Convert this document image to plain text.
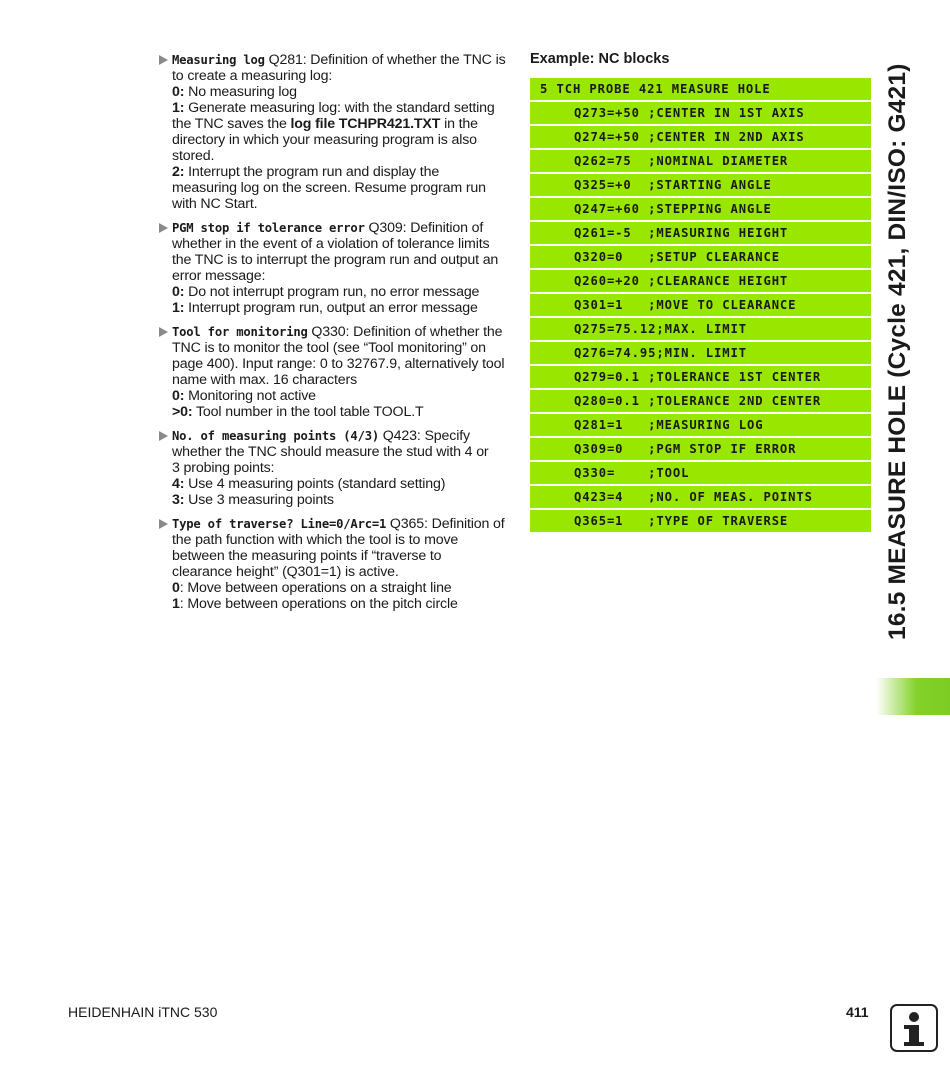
Measuring log Q281: Definition of whether the TNC is
to create a measuring log:
0: No measuring log
1: Generate measuring log: with the standard setting
the TNC saves the log file TCHPR421.TXT in the
directory in which your measuring program is also
stored.
2: Interrupt the program run and display the
measuring log on the screen. Resume program run
with NC Start.
PGM stop if tolerance error Q309: Definition of
whether in the event of a violation of tolerance limits
the TNC is to interrupt the program run and output an
error message:
0: Do not interrupt program run, no error message
1: Interrupt program run, output an error message
Tool for monitoring Q330: Definition of whether the
TNC is to monitor the tool (see “Tool monitoring” on
page 400). Input range: 0 to 32767.9, alternatively tool
name with max. 16 characters
0: Monitoring not active
>0: Tool number in the tool table TOOL.T
No. of measuring points (4/3) Q423: Specify
whether the TNC should measure the stud with 4 or
3 probing points:
4: Use 4 measuring points (standard setting)
3: Use 3 measuring points
Type of traverse? Line=0/Arc=1 Q365: Definition of
the path function with which the tool is to move
between the measuring points if “traverse to
clearance height” (Q301=1) is active.
0: Move between operations on a straight line
1: Move between operations on the pitch circle
Example: NC blocks
5 TCH PROBE 421 MEASURE HOLE
Q273=+50 ;CENTER IN 1ST AXIS
Q274=+50 ;CENTER IN 2ND AXIS
Q262=75  ;NOMINAL DIAMETER
Q325=+0  ;STARTING ANGLE
Q247=+60 ;STEPPING ANGLE
Q261=-5  ;MEASURING HEIGHT
Q320=0   ;SETUP CLEARANCE
Q260=+20 ;CLEARANCE HEIGHT
Q301=1   ;MOVE TO CLEARANCE
Q275=75.12;MAX. LIMIT
Q276=74.95;MIN. LIMIT
Q279=0.1 ;TOLERANCE 1ST CENTER
Q280=0.1 ;TOLERANCE 2ND CENTER
Q281=1   ;MEASURING LOG
Q309=0   ;PGM STOP IF ERROR
Q330=    ;TOOL
Q423=4   ;NO. OF MEAS. POINTS
Q365=1   ;TYPE OF TRAVERSE	16.5 MEASURE HOLE (Cycle 421, DIN/ISO: G421)
HEIDENHAIN iTNC 530	411
